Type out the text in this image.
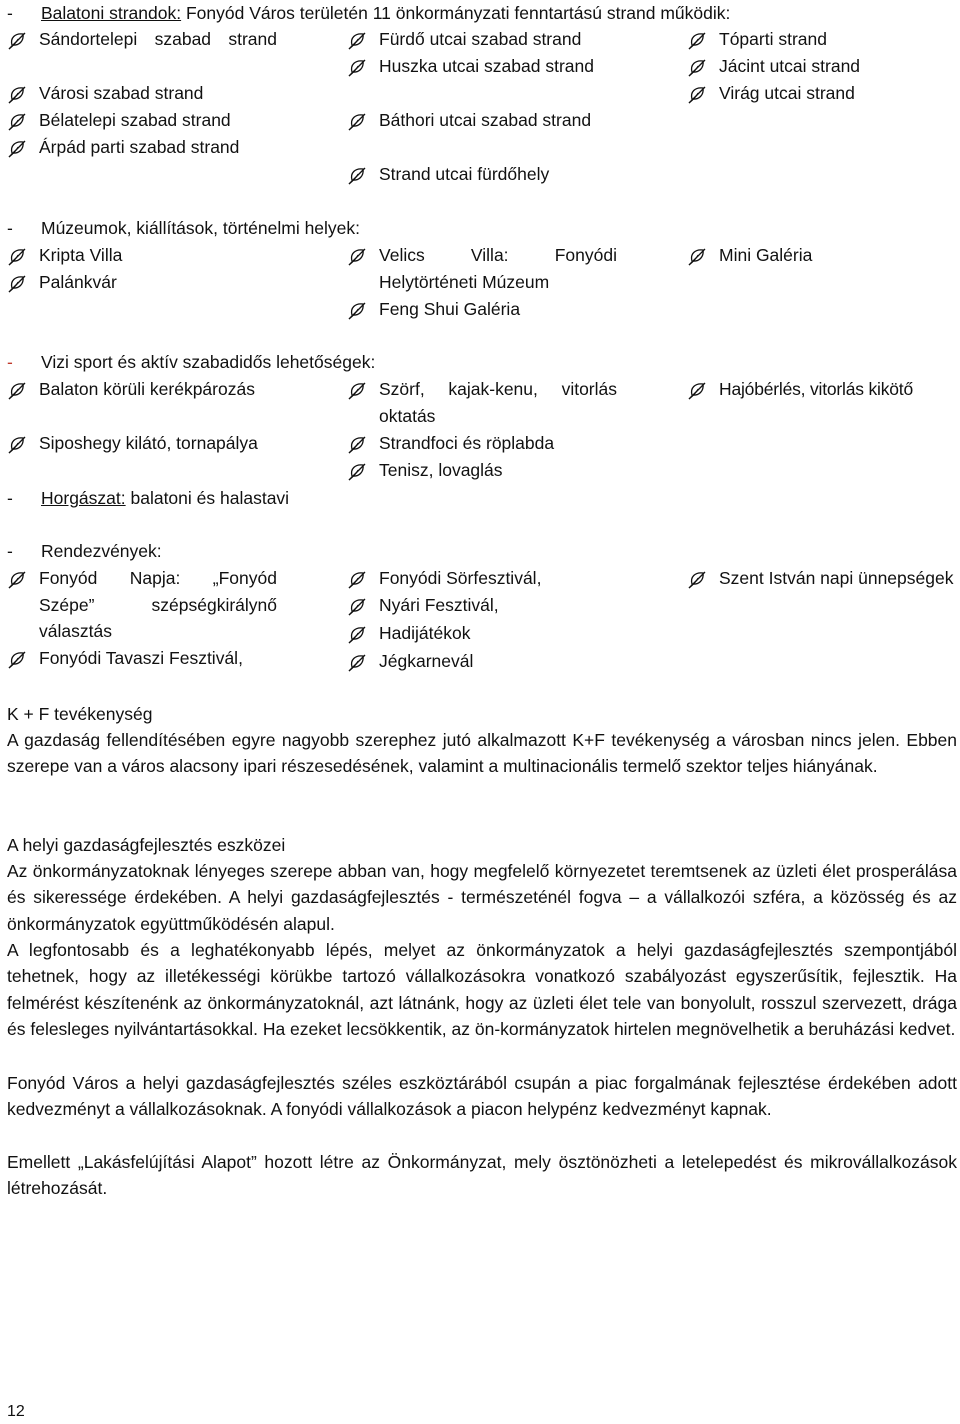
- Balatoni strandok: Fonyód Város területén 11 önkormányzati fenntartású strand működik:
Sándortelepi szabad strand
Városi szabad strand
Bélatelepi szabad strand
Árpád parti szabad strand
Fürdő utcai szabad strand
Huszka utcai szabad strand
Báthori utcai szabad strand
Strand utcai fürdőhely
Tóparti strand
Jácint utcai strand
Virág utcai strand
- Múzeumok, kiállítások, történelmi helyek:
Kripta Villa
Palánkvár
Velics Villa: Fonyódi Helytörténeti Múzeum
Feng Shui Galéria
Mini Galéria
- Vizi sport és aktív szabadidős lehetőségek:
Balaton körüli kerékpározás
Siposhegy kilátó, tornapálya
Szörf, kajak-kenu, vitorlás oktatás
Strandfoci és röplabda
Tenisz, lovaglás
Hajóbérlés, vitorlás kikötő
- Horgászat: balatoni és halastavi
- Rendezvények:
Fonyód Napja: „Fonyód Szépe” szépségkirálynő választás
Fonyódi Tavaszi Fesztivál,
Fonyódi Sörfesztivál,
Nyári Fesztivál,
Hadijátékok
Jégkarnevál
Szent István napi ünnepségek
K + F tevékenység
A gazdaság fellendítésében egyre nagyobb szerephez jutó alkalmazott K+F tevékenység a városban nincs jelen. Ebben szerepe van a város alacsony ipari részesedésének, valamint a multinacionális termelő szektor teljes hiányának.
A helyi gazdaságfejlesztés eszközei
Az önkormányzatoknak lényeges szerepe abban van, hogy megfelelő környezetet teremtsenek az üzleti élet prosperálása és sikeressége érdekében. A helyi gazdaságfejlesztés - természeténél fogva – a vállalkozói szféra, a közösség és az önkormányzatok együttműködésén alapul.
A legfontosabb és a leghatékonyabb lépés, melyet az önkormányzatok a helyi gazdaságfejlesztés szempontjából tehetnek, hogy az illetékességi körükbe tartozó vállalkozásokra vonatkozó szabályozást egyszerűsítik, fejlesztik. Ha felmérést készítenénk az önkormányzatoknál, azt látnánk, hogy az üzleti élet tele van bonyolult, rosszul szervezett, drága és felesleges nyilvántartásokkal. Ha ezeket lecsökkentik, az ön-kormányzatok hirtelen megnövelhetik a beruházási kedvet.
Fonyód Város a helyi gazdaságfejlesztés széles eszköztárából csupán a piac forgalmának fejlesztése érdekében adott kedvezményt a vállalkozásoknak. A fonyódi vállalkozások a piacon helypénz kedvezményt kapnak.
Emellett „Lakásfelújítási Alapot” hozott létre az Önkormányzat, mely ösztönözheti a letelepedést és mikrovállalkozások létrehozását.
12
